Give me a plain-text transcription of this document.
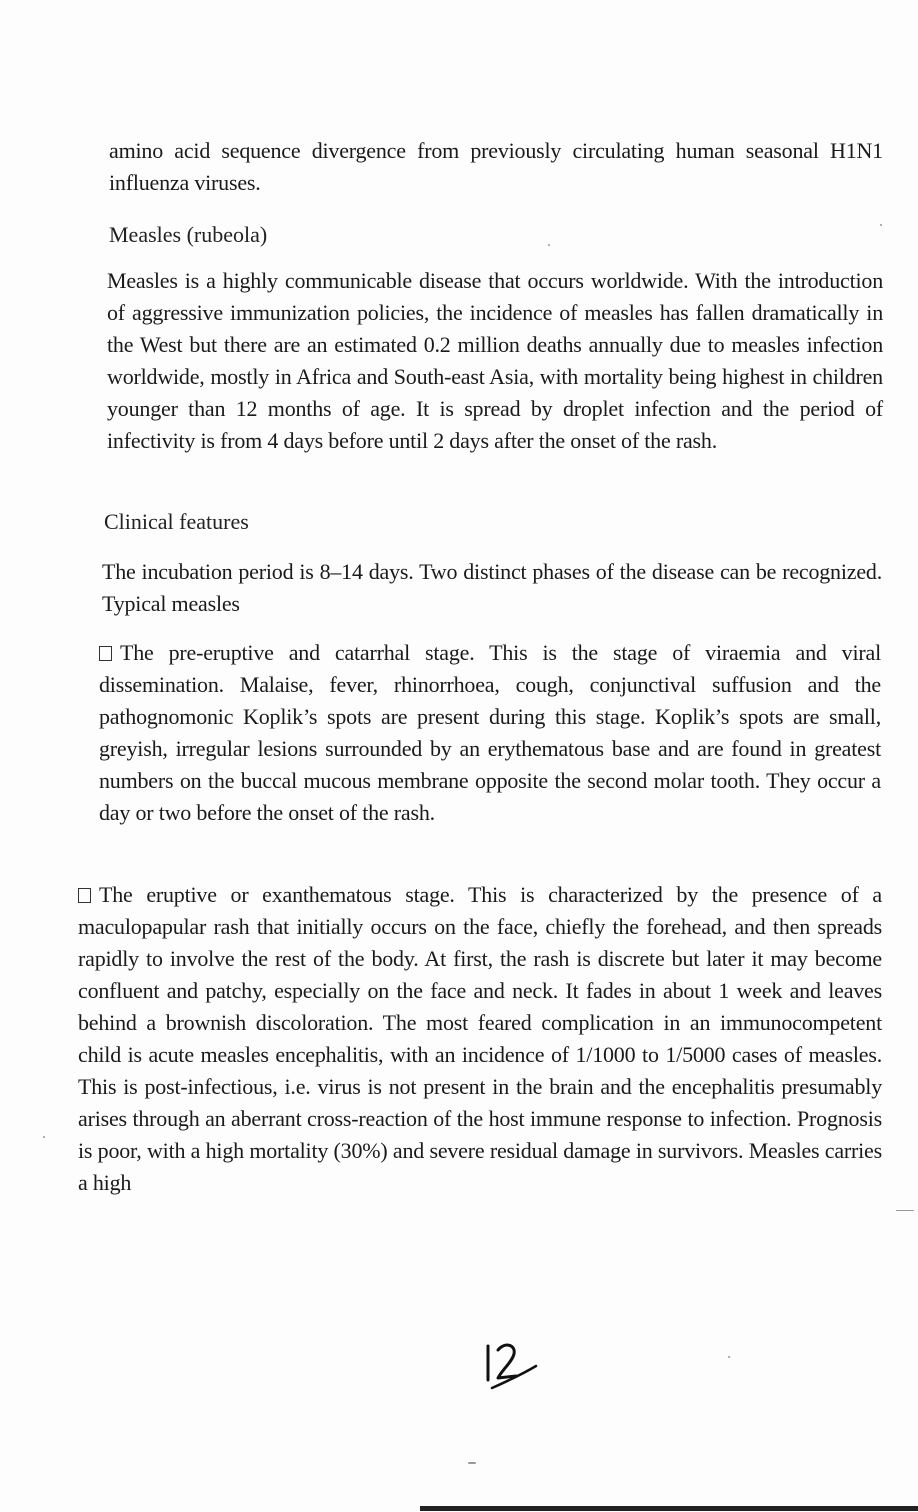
amino acid sequence divergence from previously circulating human seasonal H1N1 influenza viruses.

Measles (rubeola)

Measles is a highly communicable disease that occurs worldwide. With the introduction of aggressive immunization policies, the incidence of measles has fallen dramatically in the West but there are an estimated 0.2 million deaths annually due to measles infection worldwide, mostly in Africa and South-east Asia, with mortality being highest in children younger than 12 months of age. It is spread by droplet infection and the period of infectivity is from 4 days before until 2 days after the onset of the rash.

Clinical features

The incubation period is 8–14 days. Two distinct phases of the disease can be recognized. Typical measles

The pre-eruptive and catarrhal stage. This is the stage of viraemia and viral dissemination. Malaise, fever, rhinorrhoea, cough, conjunctival suffusion and the pathognomonic Koplik’s spots are present during this stage. Koplik’s spots are small, greyish, irregular lesions surrounded by an erythematous base and are found in greatest numbers on the buccal mucous membrane opposite the second molar tooth. They occur a day or two before the onset of the rash.

The eruptive or exanthematous stage. This is characterized by the presence of a maculopapular rash that initially occurs on the face, chiefly the forehead, and then spreads rapidly to involve the rest of the body. At first, the rash is discrete but later it may become confluent and patchy, especially on the face and neck. It fades in about 1 week and leaves behind a brownish discoloration. The most feared complication in an immunocompetent child is acute measles encephalitis, with an incidence of 1/1000 to 1/5000 cases of measles. This is post-infectious, i.e. virus is not present in the brain and the encephalitis presumably arises through an aberrant cross-reaction of the host immune response to infection. Prognosis is poor, with a high mortality (30%) and severe residual damage in survivors. Measles carries a high
